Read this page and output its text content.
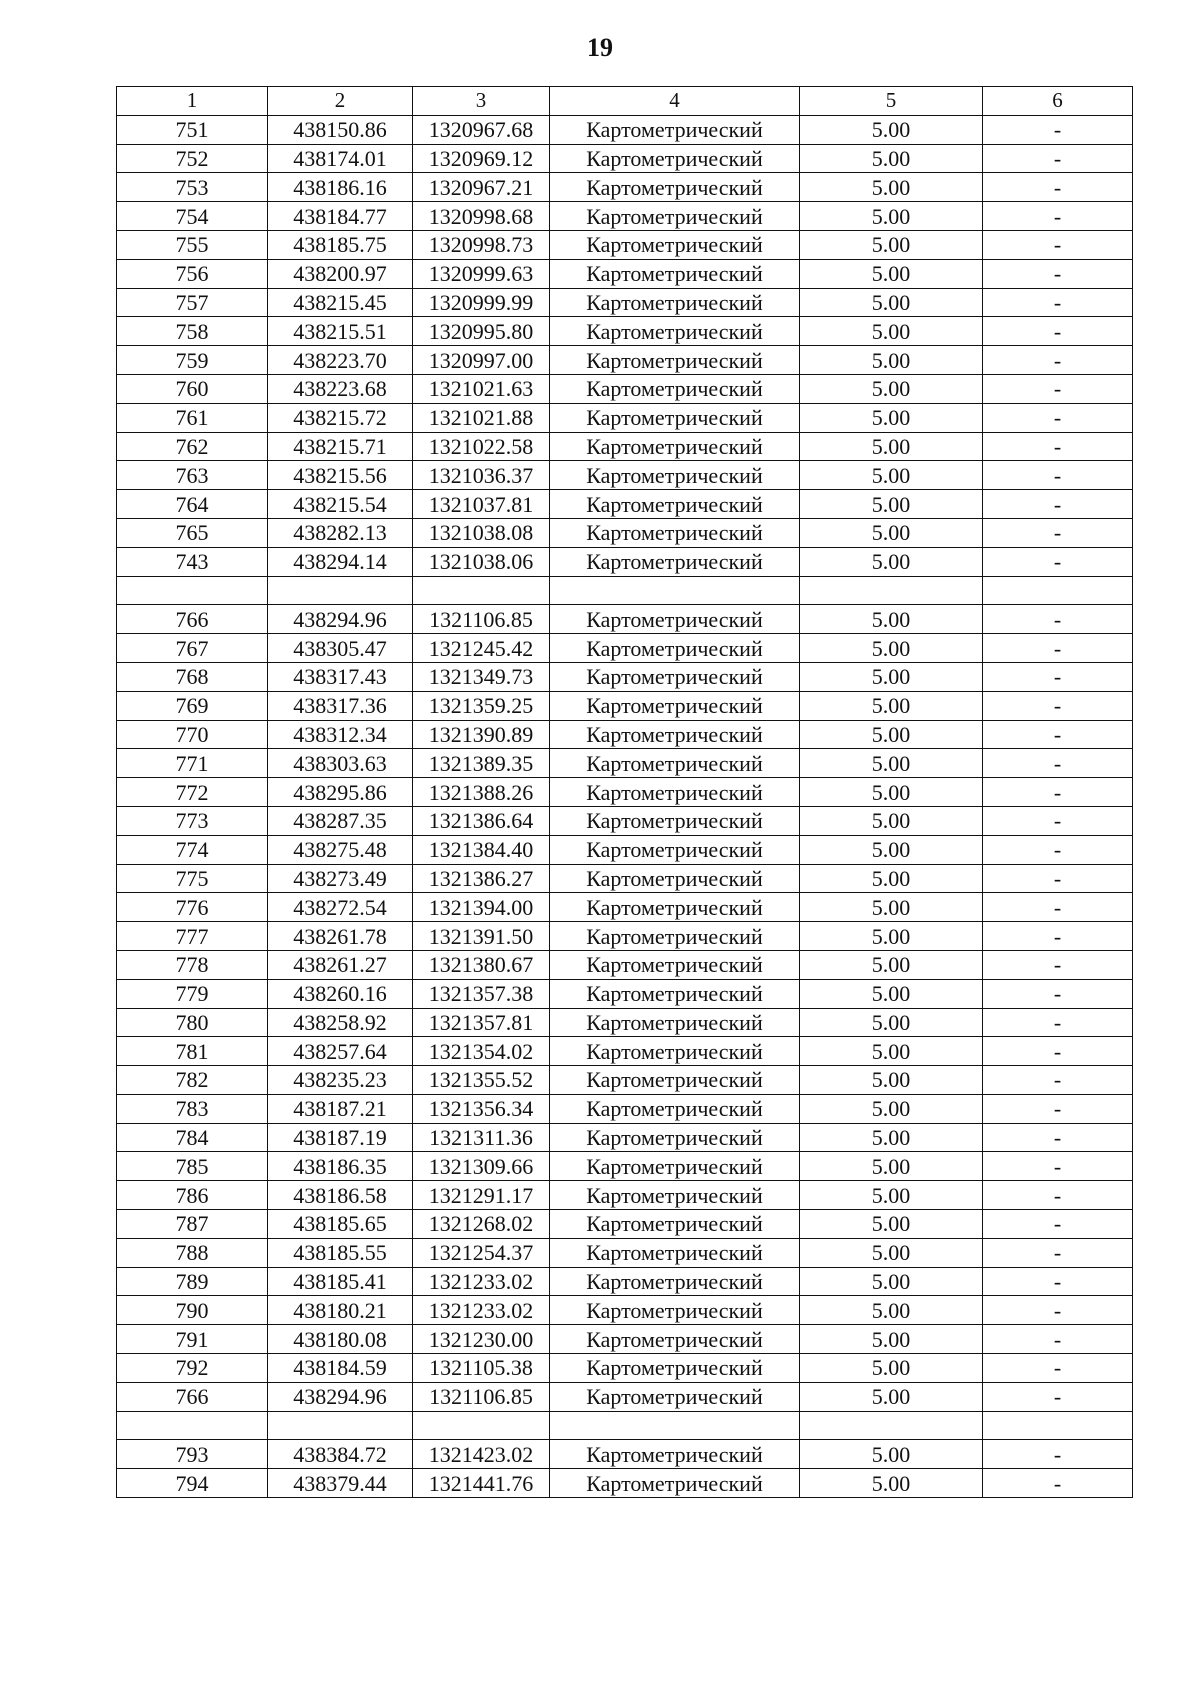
19
1	2	3	4	5	6
751	438150.86	1320967.68	Картометрический	5.00	-
752	438174.01	1320969.12	Картометрический	5.00	-
753	438186.16	1320967.21	Картометрический	5.00	-
754	438184.77	1320998.68	Картометрический	5.00	-
755	438185.75	1320998.73	Картометрический	5.00	-
756	438200.97	1320999.63	Картометрический	5.00	-
757	438215.45	1320999.99	Картометрический	5.00	-
758	438215.51	1320995.80	Картометрический	5.00	-
759	438223.70	1320997.00	Картометрический	5.00	-
760	438223.68	1321021.63	Картометрический	5.00	-
761	438215.72	1321021.88	Картометрический	5.00	-
762	438215.71	1321022.58	Картометрический	5.00	-
763	438215.56	1321036.37	Картометрический	5.00	-
764	438215.54	1321037.81	Картометрический	5.00	-
765	438282.13	1321038.08	Картометрический	5.00	-
743	438294.14	1321038.06	Картометрический	5.00	-

766	438294.96	1321106.85	Картометрический	5.00	-
767	438305.47	1321245.42	Картометрический	5.00	-
768	438317.43	1321349.73	Картометрический	5.00	-
769	438317.36	1321359.25	Картометрический	5.00	-
770	438312.34	1321390.89	Картометрический	5.00	-
771	438303.63	1321389.35	Картометрический	5.00	-
772	438295.86	1321388.26	Картометрический	5.00	-
773	438287.35	1321386.64	Картометрический	5.00	-
774	438275.48	1321384.40	Картометрический	5.00	-
775	438273.49	1321386.27	Картометрический	5.00	-
776	438272.54	1321394.00	Картометрический	5.00	-
777	438261.78	1321391.50	Картометрический	5.00	-
778	438261.27	1321380.67	Картометрический	5.00	-
779	438260.16	1321357.38	Картометрический	5.00	-
780	438258.92	1321357.81	Картометрический	5.00	-
781	438257.64	1321354.02	Картометрический	5.00	-
782	438235.23	1321355.52	Картометрический	5.00	-
783	438187.21	1321356.34	Картометрический	5.00	-
784	438187.19	1321311.36	Картометрический	5.00	-
785	438186.35	1321309.66	Картометрический	5.00	-
786	438186.58	1321291.17	Картометрический	5.00	-
787	438185.65	1321268.02	Картометрический	5.00	-
788	438185.55	1321254.37	Картометрический	5.00	-
789	438185.41	1321233.02	Картометрический	5.00	-
790	438180.21	1321233.02	Картометрический	5.00	-
791	438180.08	1321230.00	Картометрический	5.00	-
792	438184.59	1321105.38	Картометрический	5.00	-
766	438294.96	1321106.85	Картометрический	5.00	-

793	438384.72	1321423.02	Картометрический	5.00	-
794	438379.44	1321441.76	Картометрический	5.00	-
